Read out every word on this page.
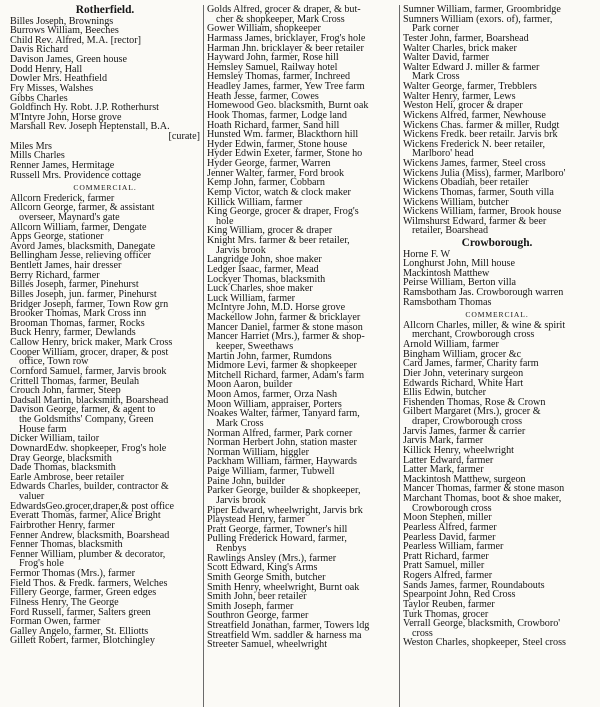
Rotherfield.
Billes Joseph, Brownings
Burrows William, Beeches
Child Rev. Alfred, M.A. [rector]
Davis Richard
Davison James, Green house
Dodd Henry, Hall
Dowler Mrs. Heathfield
Fry Misses, Walshes
Gibbs Charles
Goldfinch Hy. Robt. J.P. Rotherhurst
M'Intyre John, Horse grove
Marshall Rev. Joseph Heptenstall, B.A.
[curate]
Miles Mrs
Mills Charles
Renner James, Hermitage
Russell Mrs. Providence cottage
COMMERCIAL.
Allcorn Frederick, farmer
Allcorn George, farmer, & assistant
overseer, Maynard's gate
Allcorn William, farmer, Dengate
Apps George, stationer
Avord James, blacksmith, Danegate
Bellingham Jesse, relieving officer
Bentlett James, hair dresser
Berry Richard, farmer
Billes Joseph, farmer, Pinehurst
Billes Joseph, jun. farmer, Pinehurst
Bridger Joseph, farmer, Town Row grn
Brooker Thomas, Mark Cross inn
Brooman Thomas, farmer, Rocks
Buck Henry, farmer, Dewlands
Callow Henry, brick maker, Mark Cross
Cooper William, grocer, draper, & post
office, Town row
Cornford Samuel, farmer, Jarvis brook
Crittell Thomas, farmer, Beulah
Crouch John, farmer, Steep
Dadsall Martin, blacksmith, Boarshead
Davison George, farmer, & agent to
the Goldsmiths' Company, Green
House farm
Dicker William, tailor
DownardEdw. shopkeeper, Frog's hole
Dray George, blacksmith
Dade Thomas, blacksmith
Earle Ambrose, beer retailer
Edwards Charles, builder, contractor &
valuer
EdwardsGeo.grocer,draper,& post office
Everatt Thomas, farmer, Alice Bright
Fairbrother Henry, farmer
Fenner Andrew, blacksmith, Boarshead
Fenner Thomas, blacksmith
Fenner William, plumber & decorator,
Frog's hole
Fermor Thomas (Mrs.), farmer
Field Thos. & Fredk. farmers, Welches
Fillery George, farmer, Green edges
Filness Henry, The George
Ford Russell, farmer, Salters green
Forman Owen, farmer
Galley Angelo, farmer, St. Elliotts
Gillett Robert, farmer, Blotchingley
Golds Alfred, grocer & draper, & but-
cher & shopkeeper, Mark Cross
Gower William, shopkeeper
Harmass James, bricklayer, Frog's hole
Harman Jhn. bricklayer & beer retailer
Hayward John, farmer, Rose hill
Hemsley Samuel, Railway hotel
Hemsley Thomas, farmer, Inchreed
Headley James, farmer, Yew Tree farm
Heath Jesse, farmer, Cowes
Homewood Geo. blacksmith, Burnt oak
Hook Thomas, farmer, Lodge land
Hoath Richard, farmer, Sand hill
Hunsted Wm. farmer, Blackthorn hill
Hyder Edwin, farmer, Stone house
Hyder Edwin Exeter, farmer, Stone ho
Hyder George, farmer, Warren
Jenner Walter, farmer, Ford brook
Kemp John, farmer, Cobbarn
Kemp Victor, watch & clock maker
Killick William, farmer
King George, grocer & draper, Frog's
hole
King William, grocer & draper
Knight Mrs. farmer & beer retailer,
Jarvis brook
Langridge John, shoe maker
Ledger Isaac, farmer, Mead
Lockyer Thomas, blacksmith
Luck Charles, shoe maker
Luck William, farmer
McIntyre John, M.D. Horse grove
Mackellow John, farmer & bricklayer
Mancer Daniel, farmer & stone mason
Mancer Harriet (Mrs.), farmer & shop-
keeper, Sweethaws
Martin John, farmer, Rumdons
Midmore Levi, farmer & shopkeeper
Mitchell Richard, farmer, Adam's farm
Moon Aaron, builder
Moon Amos, farmer, Orza Nash
Moon William, appraiser, Porters
Noakes Walter, farmer, Tanyard farm,
Mark Cross
Norman Alfred, farmer, Park corner
Norman Herbert John, station master
Norman William, higgler
Packham William, farmer, Haywards
Paige William, farmer, Tubwell
Paine John, builder
Parker George, builder & shopkeeper,
Jarvis brook
Piper Edward, wheelwright, Jarvis brk
Playstead Henry, farmer
Pratt George, farmer, Towner's hill
Pulling Frederick Howard, farmer,
Renbys
Rawlings Ansley (Mrs.), farmer
Scott Edward, King's Arms
Smith George Smith, butcher
Smith Henry, wheelwright, Burnt oak
Smith John, beer retailer
Smith Joseph, farmer
Southron George, farmer
Streatfield Jonathan, farmer, Towers ldg
Streatfield Wm. saddler & harness ma
Streeter Samuel, wheelwright
Sumner William, farmer, Groombridge
Sumners William (exors. of), farmer,
Park corner
Tester John, farmer, Boarshead
Walter Charles, brick maker
Walter David, farmer
Walter Edward J. miller & farmer
Mark Cross
Walter George, farmer, Trebblers
Walter Henry, farmer, Lews
Weston Heli, grocer & draper
Wickens Alfred, farmer, Newhouse
Wickens Chas. farmer & miller, Rudgt
Wickens Fredk. beer retailr. Jarvis brk
Wickens Frederick N. beer retailer,
Marlboro' head
Wickens James, farmer, Steel cross
Wickens Julia (Miss), farmer, Marlboro'
Wickens Obadiah, beer retailer
Wickens Thomas, farmer, South villa
Wickens William, butcher
Wickens William, farmer, Brook house
Wilmshurst Edward, farmer & beer
retailer, Boarshead
Crowborough.
Horne F. W
Longhurst John, Mill house
Mackintosh Matthew
Peirse William, Berton villa
Ramsbotham Jas. Crowborough warren
Ramsbotham Thomas
COMMERCIAL.
Allcorn Charles, miller, & wine & spirit
merchant, Crowborough cross
Arnold William, farmer
Bingham William, grocer &c
Card James, farmer, Charity farm
Dier John, veterinary surgeon
Edwards Richard, White Hart
Ellis Edwin, butcher
Fishenden Thomas, Rose & Crown
Gilbert Margaret (Mrs.), grocer &
draper, Crowborough cross
Jarvis James, farmer & carrier
Jarvis Mark, farmer
Killick Henry, wheelwright
Latter Edward, farmer
Latter Mark, farmer
Mackintosh Matthew, surgeon
Mancer Thomas, farmer & stone mason
Marchant Thomas, boot & shoe maker,
Crowborough cross
Moon Stephen, miller
Pearless Alfred, farmer
Pearless David, farmer
Pearless William, farmer
Pratt Richard, farmer
Pratt Samuel, miller
Rogers Alfred, farmer
Sands James, farmer, Roundabouts
Spearpoint John, Red Cross
Taylor Reuben, farmer
Turk Thomas, grocer
Verrall George, blacksmith, Crowboro'
cross
Weston Charles, shopkeeper, Steel cross
